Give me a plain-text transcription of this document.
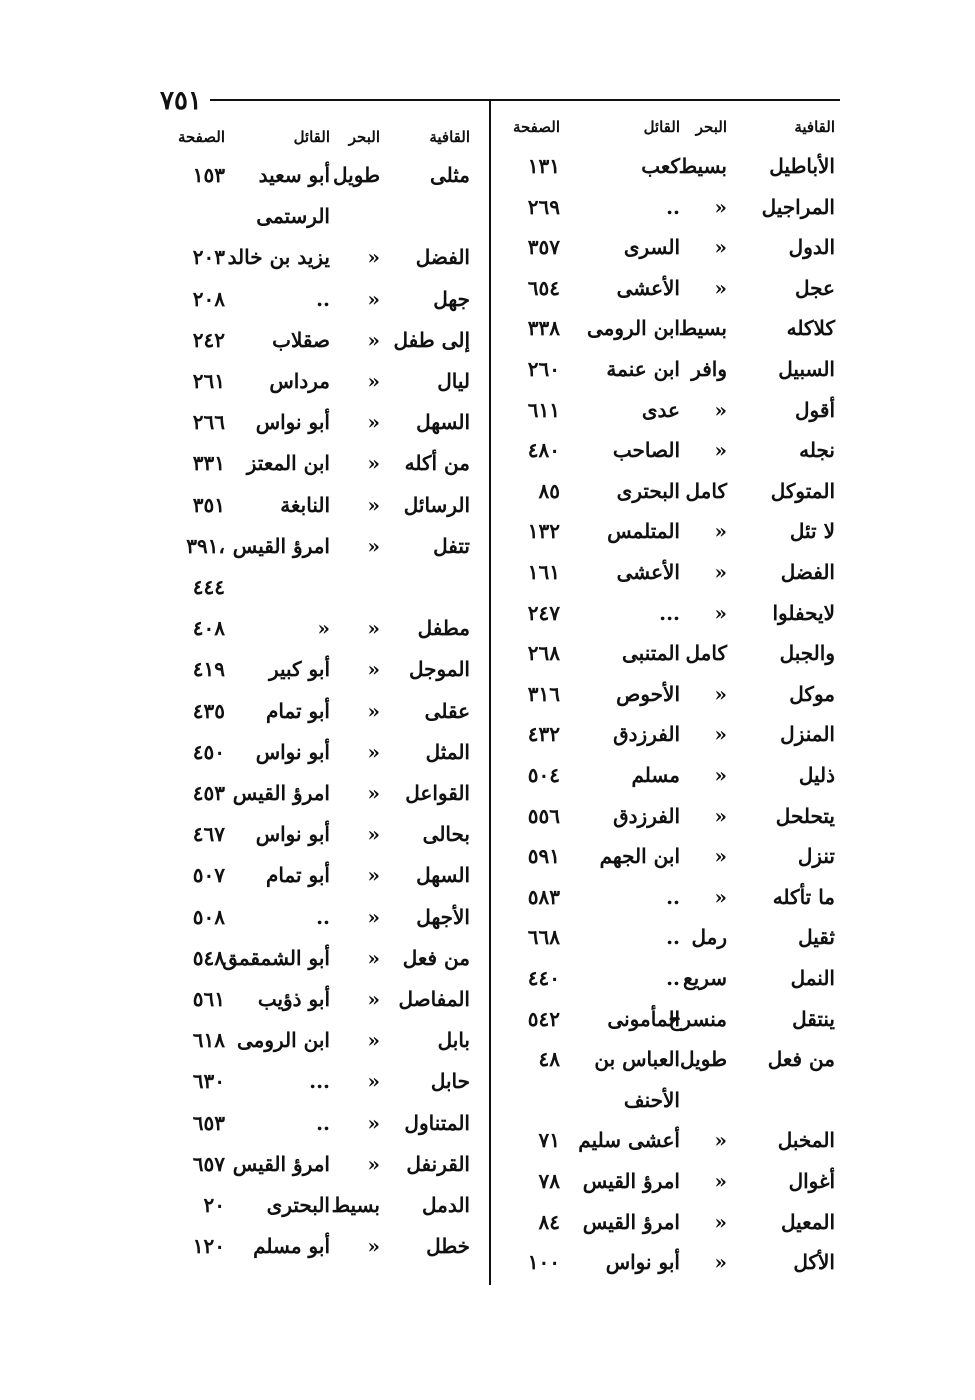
٧٥١
القافية
البحر
القائل
الصفحة
الأباطيل
بسيط
كعب
١٣١
المراجيل
«
..
٢٦٩
الدول
«
السرى
٣٥٧
عجل
«
الأعشى
٦٥٤
كلاكله
بسيط
ابن الرومى
٣٣٨
السبيل
وافر
ابن عنمة
٢٦٠
أقول
«
عدى
٦١١
نجله
«
الصاحب
٤٨٠
المتوكل
كامل
البحترى
٨٥
لا تئل
«
المتلمس
١٣٢
الفضل
«
الأعشى
١٦١
لايحفلوا
«
...
٢٤٧
والجبل
كامل
المتنبى
٢٦٨
موكل
«
الأحوص
٣١٦
المنزل
«
الفرزدق
٤٣٢
ذليل
«
مسلم
٥٠٤
يتحلحل
«
الفرزدق
٥٥٦
تنزل
«
ابن الجهم
٥٩١
ما تأكله
«
..
٥٨٣
ثقيل
رمل
..
٦٦٨
النمل
سريع
..
٤٤٠
ينتقل
منسرح
المأمونى
٥٤٢
من فعل
طويل
العباس بن
٤٨
الأحنف
المخبل
«
أعشى سليم
٧١
أغوال
«
امرؤ القيس
٧٨
المعيل
«
امرؤ القيس
٨٤
الأكل
«
أبو نواس
١٠٠
القافية
البحر
القائل
الصفحة
مثلى
طويل
أبو سعيد
١٥٣
الرستمى
الفضل
«
يزيد بن خالد
٢٠٣
جهل
«
..
٢٠٨
إلى طفل
«
صقلاب
٢٤٢
ليال
«
مرداس
٢٦١
السهل
«
أبو نواس
٢٦٦
من أكله
«
ابن المعتز
٣٣١
الرسائل
«
النابغة
٣٥١
تتفل
«
امرؤ القيس
٣٩١،
٤٤٤
مطفل
«
«
٤٠٨
الموجل
«
أبو كبير
٤١٩
عقلى
«
أبو تمام
٤٣٥
المثل
«
أبو نواس
٤٥٠
القواعل
«
امرؤ القيس
٤٥٣
بحالى
«
أبو نواس
٤٦٧
السهل
«
أبو تمام
٥٠٧
الأجهل
«
..
٥٠٨
من فعل
«
أبو الشمقمق
٥٤٨
المفاصل
«
أبو ذؤيب
٥٦١
بابل
«
ابن الرومى
٦١٨
حابل
«
...
٦٣٠
المتناول
«
..
٦٥٣
القرنفل
«
امرؤ القيس
٦٥٧
الدمل
بسيط
البحترى
٢٠
خطل
«
أبو مسلم
١٢٠
